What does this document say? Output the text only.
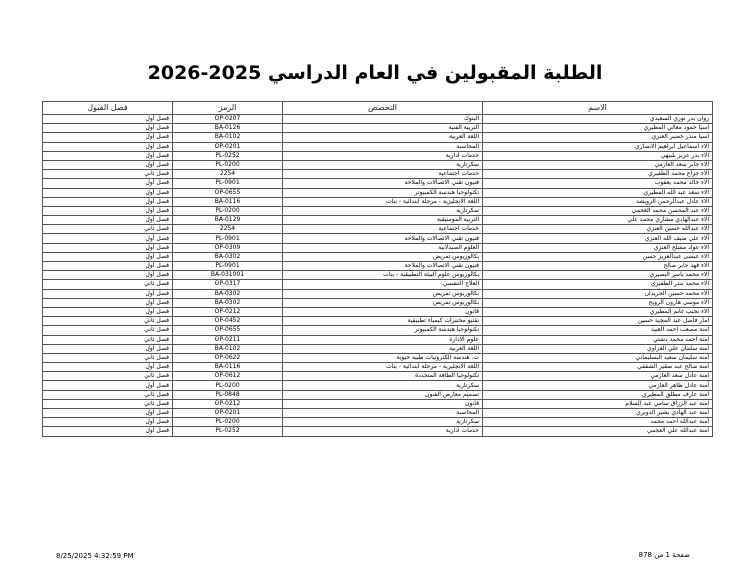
الطلبة المقبولين في العام الدراسي 2025-2026
الاسم	التخصص	الرمز	فصل القبول
زوان بدر نوري السعيدي	البنوك	OP-0207	فصل أول
اسيا حمود معالي المطيري	التربية الفنية	BA-0126	فصل أول
اسيا منذر خضير العنزي	اللغة العربية	BA-0102	فصل أول
آلاء اسماعيل ابراهيم الانصاري	المحاسبة	OP-0201	فصل أول
آلاء بدر عزيز بلبيهي	خدمات ادارية	PL-0252	فصل أول
آلاء جابر سعد العازمي	سكرتارية	PL-0200	فصل أول
آلاء جزاع محمد الظفيري	خدمات اجتماعية	2254	فصل ثاني
آلاء خالد محمد يعقوب	فنيون تقني الاتصالات والملاحة	PL-0901	فصل أول
آلاء سعد عبد الله المطيري	تكنولوجيا هندسة الكمبيوتر	OP-0655	فصل أول
آلاء عادل عبدالرحمن الرويشد	اللغة الانجليزية - مرحلة ابتدائية - بنات	BA-0116	فصل أول
آلاء عبد المحسن محمد العجمي	سكرتارية	PL-0200	فصل أول
آلاء عبدالهادي مشاري محمد علي	التربية الموسيقية	BA-0129	فصل أول
آلاء عبدالله حسين العنزي	خدمات اجتماعية	2254	فصل ثاني
آلاء علي ضيف الله العنزي	فنيون تقني الاتصالات والملاحة	PL-0901	فصل أول
آلاء عواد مشلح العنزي	العلوم الصيدلانية	OP-0309	فصل أول
آلاء عيسى عبدالعزيز حسن	بكالوريوس تمريض	BA-0302	فصل أول
آلاء فهد جابر صالح	فنيون تقني الاتصالات والملاحة	PL-0901	فصل أول
آلاء محمد ياسر البصيري	بكالوريوس علوم البيئة التطبيقية - بنات	BA-031001	فصل أول
آلاء محمد بندر الظفيري	العلاج التنفسي	OP-0317	فصل ثاني
آلاء محمد حسين الجريدان	بكالوريوس تمريض	BA-0302	فصل أول
آلاء موسى هارون الرويح	بكالوريوس تمريض	BA-0302	فصل أول
آلاء نجيب غانم المطيري	قانون	OP-0212	فصل أول
آمار فاضل عبد المجيد حسين	تقنيو مختبرات كيمياء تطبيقية	OP-0452	فصل ثاني
آمنة مصعب احمد العبيد	تكنولوجيا هندسة الكمبيوتر	OP-0655	فصل ثاني
آمنة احمد محمد دشتي	علوم الادارة	OP-0211	فصل ثاني
آمنة سلمان علي الغزاوي	اللغة العربية	BA-0102	فصل أول
آمنة سليمان سعيد البسليماني	ت. هندسة الكترونيات طبية حيوية	OP-0622	فصل ثاني
آمنة صالح عبد صقير الشقفي	اللغة الانجليزية - مرحلة ابتدائية - بنات	BA-0116	فصل أول
آمنة عادل سعد العازمي	تكنولوجيا الطاقة المتجددة	OP-0612	فصل ثاني
آمنة عادل ظاهر العازمي	سكرتارية	PL-0200	فصل أول
آمنة عارف مطلق المطيري	تصميم معارض الفنون	PL-0848	فصل ثاني
آمنة عبد الرزاق سامي عبد السلام	قانون	OP-0212	فصل ثاني
آمنة عبد الهادي بشير الدويري	المحاسبة	OP-0201	فصل أول
آمنة عبدالله احمد محمد	سكرتارية	PL-0200	فصل أول
آمنة عبدالله علي العجمي	خدمات ادارية	PL-0252	فصل أول
8/25/2025 4:32:59 PM	صفحة 1 من 878
